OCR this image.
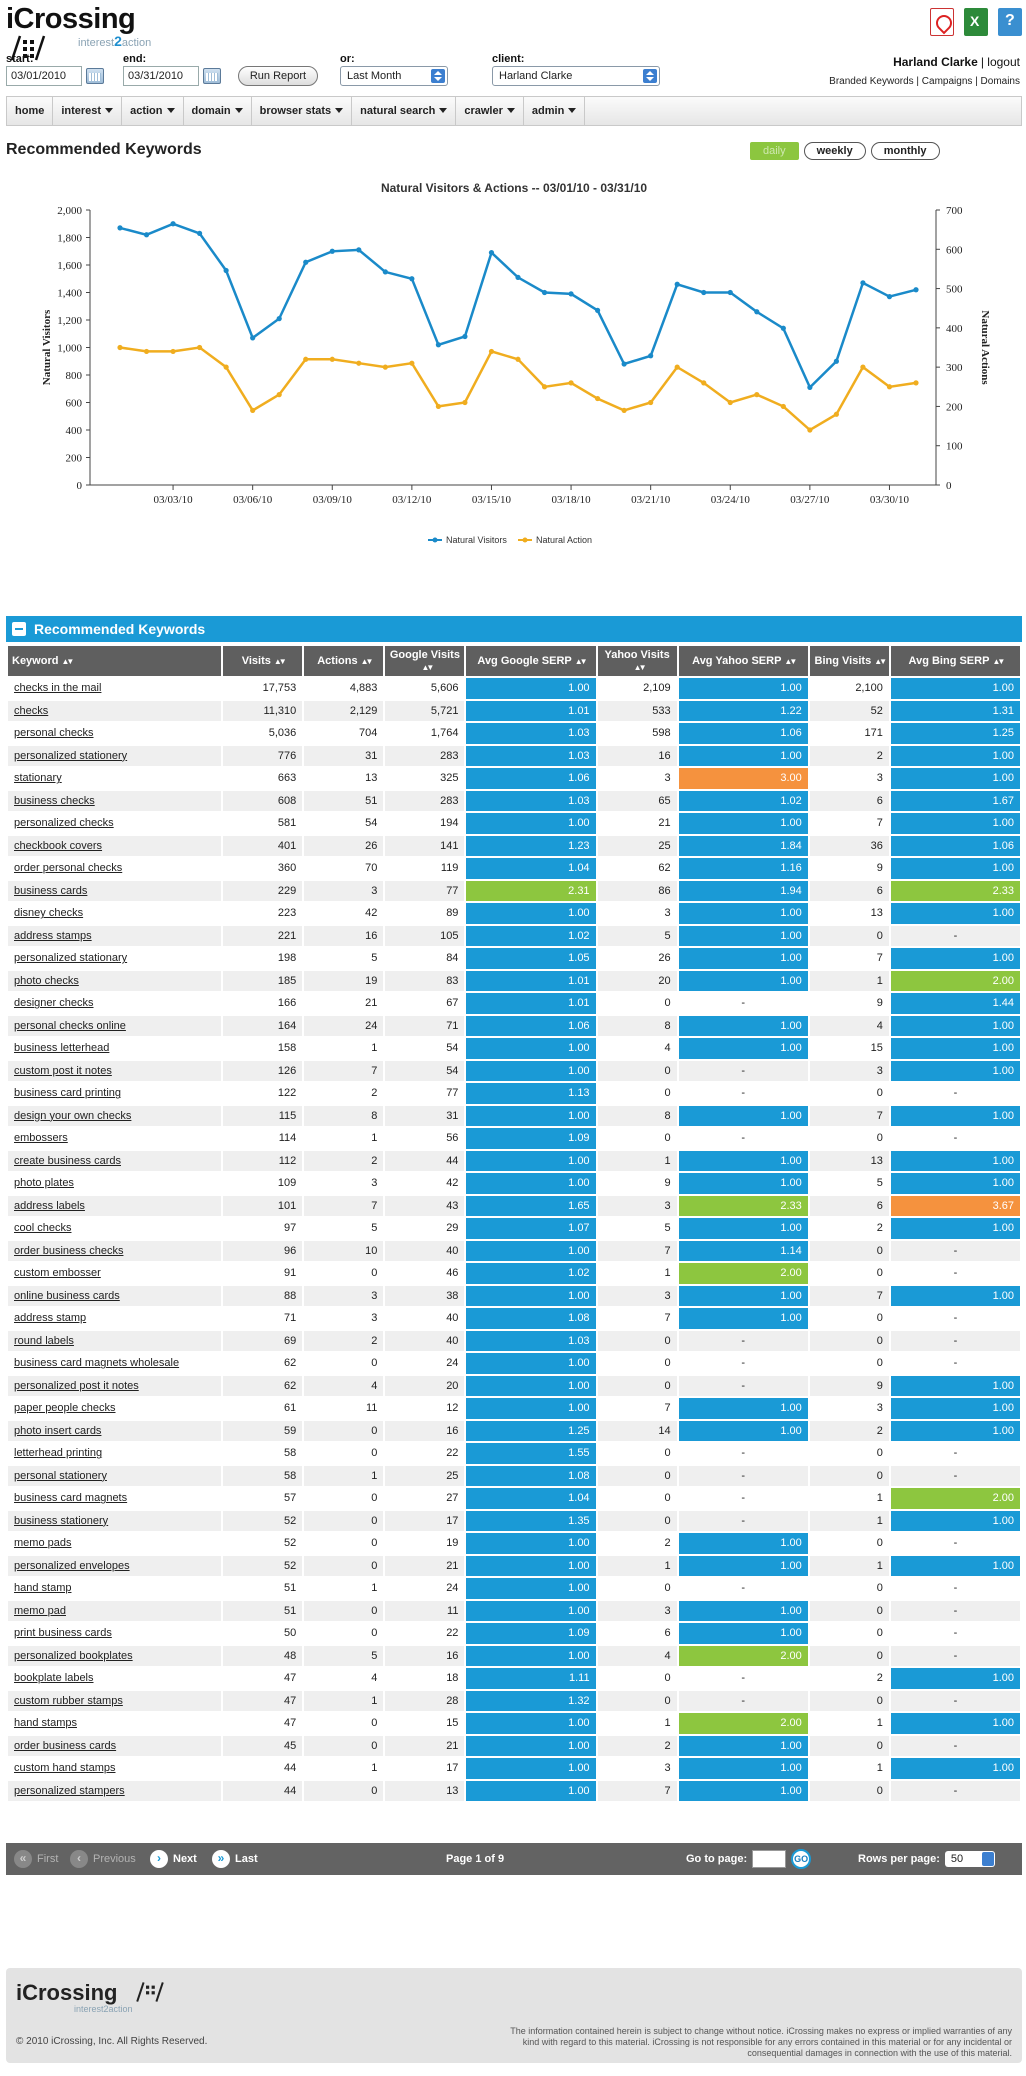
iCrossing
interest2action
X
?
start:
03/01/2010
end:
03/31/2010	Run Report
or:
Last Month
client:
Harland Clarke
Harland Clarke | logout
Branded Keywords | Campaigns | Domains
home	interest	action	domain	browser stats	natural search	crawler	admin
Recommended Keywords	daily	weekly	monthly
Natural Visitors & Actions -- 03/01/10 - 03/31/10
2,000
1,800
1,600
1,400
1,200
1,000
800
600
400
200
0
700
600
500
400
300
200
100
0
Natural Visitors	Natural Actions
03/03/10	03/06/10	03/09/10	03/12/10	03/15/10	03/18/10	03/21/10	03/24/10	03/27/10	03/30/10
Natural Visitors	Natural Action
Recommended Keywords
Keyword ▲▼	Visits ▲▼	Actions ▲▼	Google Visits▲▼	Avg Google SERP ▲▼	Yahoo Visits▲▼	Avg Yahoo SERP ▲▼	Bing Visits ▲▼	Avg Bing SERP ▲▼
checks in the mail	17,753	4,883	5,606	1.00	2,109	1.00	2,100	1.00
checks	11,310	2,129	5,721	1.01	533	1.22	52	1.31
personal checks	5,036	704	1,764	1.03	598	1.06	171	1.25
personalized stationery	776	31	283	1.03	16	1.00	2	1.00
stationary	663	13	325	1.06	3	3.00	3	1.00
business checks	608	51	283	1.03	65	1.02	6	1.67
personalized checks	581	54	194	1.00	21	1.00	7	1.00
checkbook covers	401	26	141	1.23	25	1.84	36	1.06
order personal checks	360	70	119	1.04	62	1.16	9	1.00
business cards	229	3	77	2.31	86	1.94	6	2.33
disney checks	223	42	89	1.00	3	1.00	13	1.00
address stamps	221	16	105	1.02	5	1.00	0	-
personalized stationary	198	5	84	1.05	26	1.00	7	1.00
photo checks	185	19	83	1.01	20	1.00	1	2.00
designer checks	166	21	67	1.01	0	-	9	1.44
personal checks online	164	24	71	1.06	8	1.00	4	1.00
business letterhead	158	1	54	1.00	4	1.00	15	1.00
custom post it notes	126	7	54	1.00	0	-	3	1.00
business card printing	122	2	77	1.13	0	-	0	-
design your own checks	115	8	31	1.00	8	1.00	7	1.00
embossers	114	1	56	1.09	0	-	0	-
create business cards	112	2	44	1.00	1	1.00	13	1.00
photo plates	109	3	42	1.00	9	1.00	5	1.00
address labels	101	7	43	1.65	3	2.33	6	3.67
cool checks	97	5	29	1.07	5	1.00	2	1.00
order business checks	96	10	40	1.00	7	1.14	0	-
custom embosser	91	0	46	1.02	1	2.00	0	-
online business cards	88	3	38	1.00	3	1.00	7	1.00
address stamp	71	3	40	1.08	7	1.00	0	-
round labels	69	2	40	1.03	0	-	0	-
business card magnets wholesale	62	0	24	1.00	0	-	0	-
personalized post it notes	62	4	20	1.00	0	-	9	1.00
paper people checks	61	11	12	1.00	7	1.00	3	1.00
photo insert cards	59	0	16	1.25	14	1.00	2	1.00
letterhead printing	58	0	22	1.55	0	-	0	-
personal stationery	58	1	25	1.08	0	-	0	-
business card magnets	57	0	27	1.04	0	-	1	2.00
business stationery	52	0	17	1.35	0	-	1	1.00
memo pads	52	0	19	1.00	2	1.00	0	-
personalized envelopes	52	0	21	1.00	1	1.00	1	1.00
hand stamp	51	1	24	1.00	0	-	0	-
memo pad	51	0	11	1.00	3	1.00	0	-
print business cards	50	0	22	1.09	6	1.00	0	-
personalized bookplates	48	5	16	1.00	4	2.00	0	-
bookplate labels	47	4	18	1.11	0	-	2	1.00
custom rubber stamps	47	1	28	1.32	0	-	0	-
hand stamps	47	0	15	1.00	1	2.00	1	1.00
order business cards	45	0	21	1.00	2	1.00	0	-
custom hand stamps	44	1	17	1.00	3	1.00	1	1.00
personalized stampers	44	0	13	1.00	7	1.00	0	-
« First	‹	Previous	›	Next	» Last	Page 1 of 9	Go to page:	GO	Rows per page:	50
iCrossing
interest2action
© 2010 iCrossing, Inc. All Rights Reserved.
The information contained herein is subject to change without notice. iCrossing makes no express or implied warranties of any kind with regard to this material. iCrossing is not responsible for any errors contained in this material or for any incidental or consequential damages in connection with the use of this material.
